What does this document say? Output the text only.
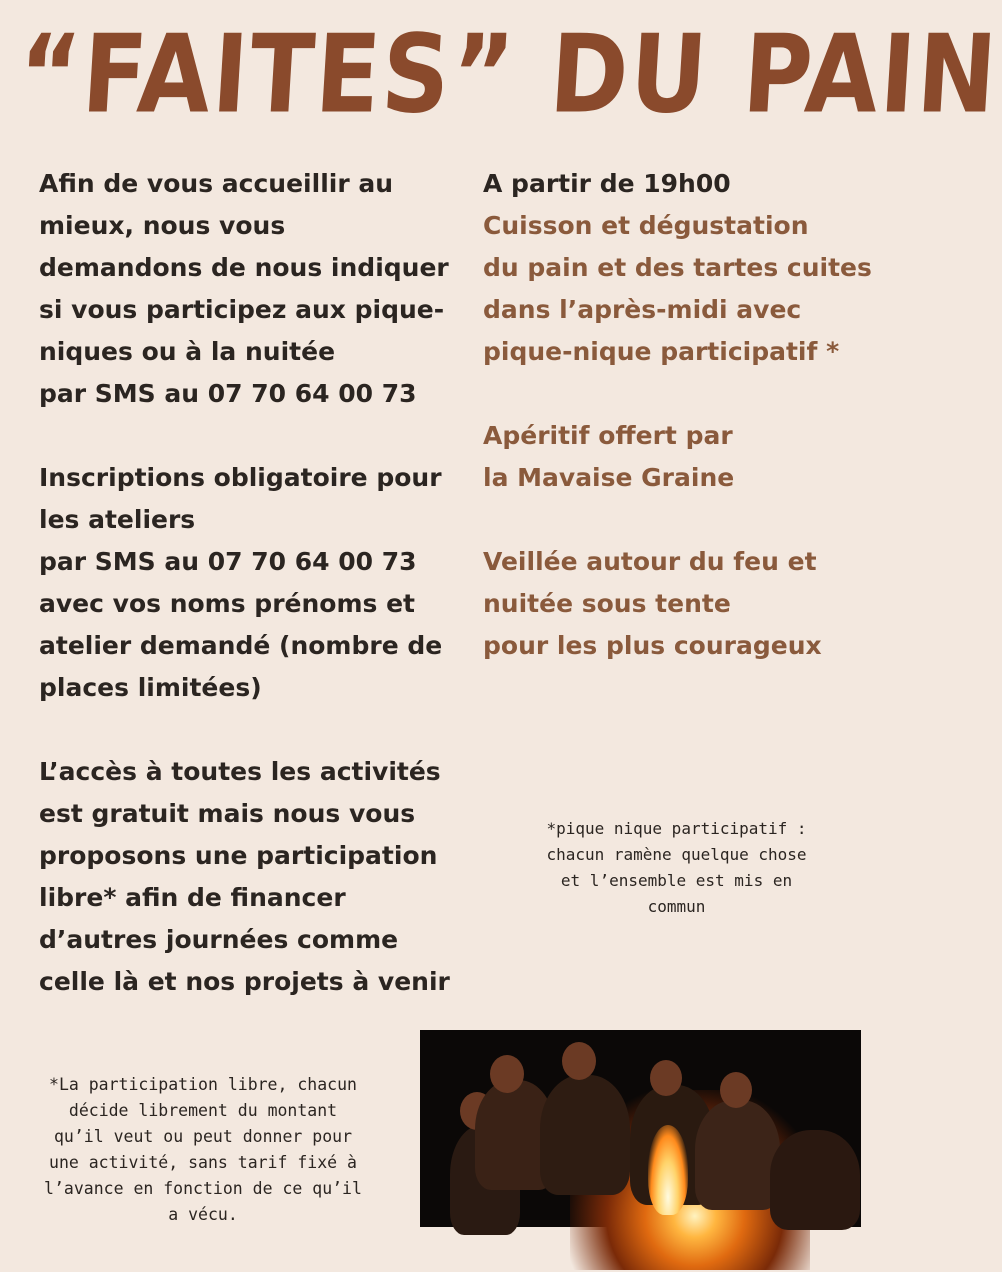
“FAITES” DU PAIN
Afin de vous accueillir au
mieux, nous vous
demandons de nous indiquer
si vous participez aux pique-
niques ou à la nuitée
par SMS au 07 70 64 00 73
Inscriptions obligatoire pour
les ateliers
par SMS au 07 70 64 00 73
avec vos noms prénoms et
atelier demandé (nombre de
places limitées)
L’accès à toutes les activités
est gratuit mais nous vous
proposons une participation
libre* afin de financer
d’autres journées comme
celle là et nos projets à venir
A partir de 19h00
Cuisson et dégustation
du pain et des tartes cuites
dans l’après-midi avec
pique-nique participatif *
Apéritif offert par
la Mavaise Graine
Veillée autour du feu et
nuitée sous tente
pour les plus courageux
*pique nique participatif :
chacun ramène quelque chose
et l’ensemble est mis en
commun
*La participation libre, chacun
décide librement du montant
qu’il veut ou peut donner pour
une activité, sans tarif fixé à
l’avance en fonction de ce qu’il
a vécu.
